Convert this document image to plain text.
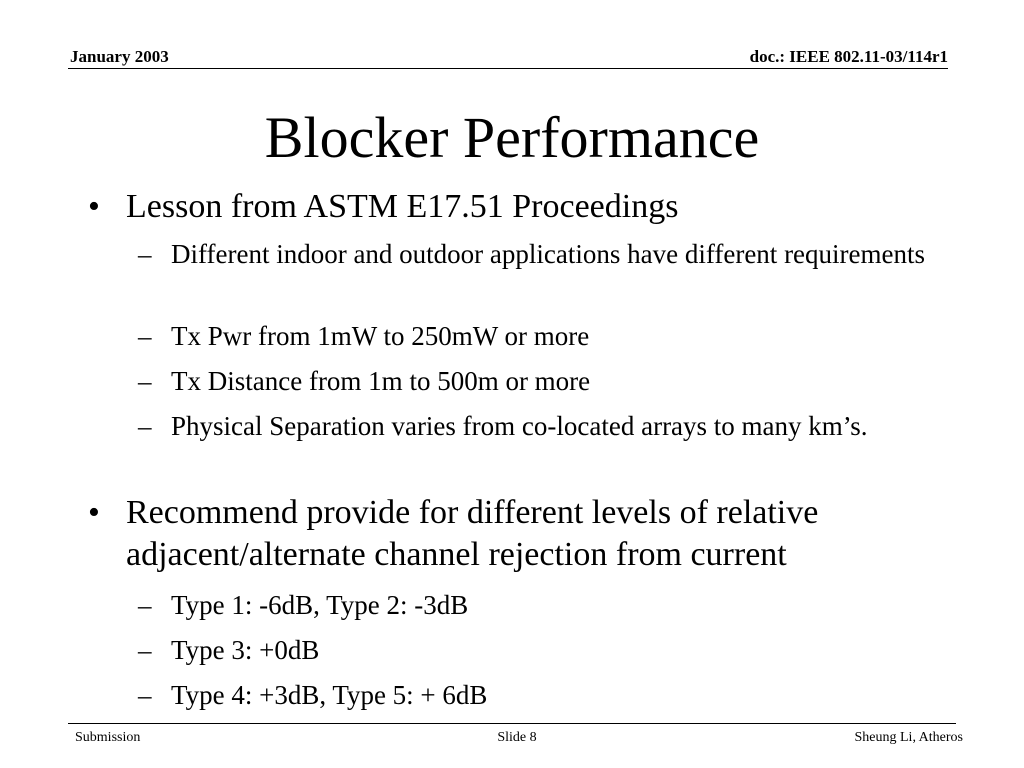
January 2003	doc.: IEEE 802.11-03/114r1
Blocker Performance
• Lesson from ASTM E17.51 Proceedings
– Different indoor and outdoor applications have different requirements
– Tx Pwr from 1mW to 250mW or more
– Tx Distance from 1m to 500m or more
– Physical Separation varies from co-located arrays to many km’s.
• Recommend provide for different levels of relative adjacent/alternate channel rejection from current
– Type 1: -6dB, Type 2: -3dB
– Type 3: +0dB
– Type 4: +3dB, Type 5: + 6dB
Submission	Slide 8	Sheung Li, Atheros
